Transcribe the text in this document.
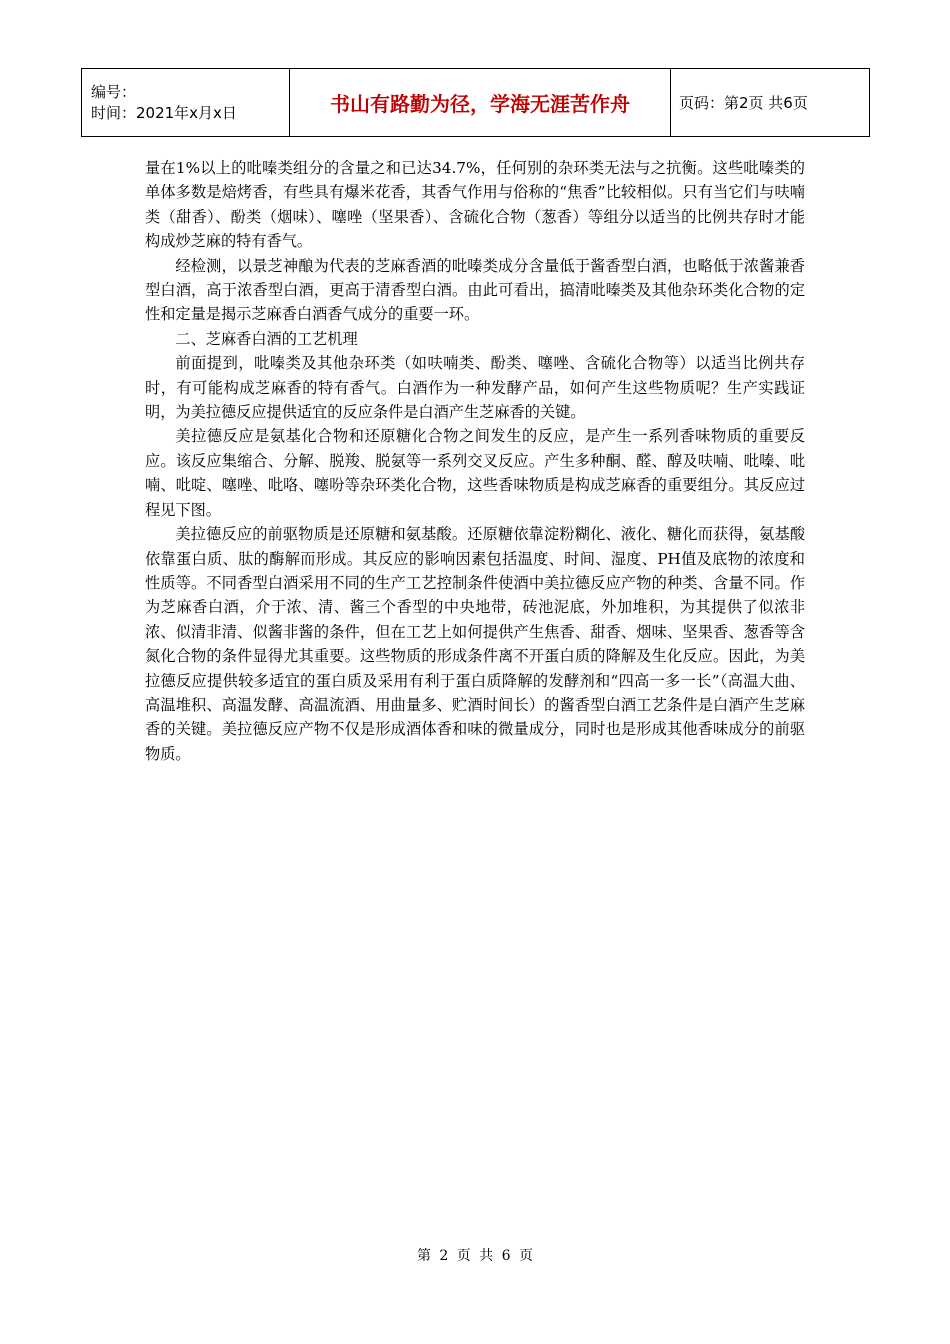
编号：
时间：2021年x月x日	书山有路勤为径，学海无涯苦作舟	页码：第2页 共6页

量在1%以上的吡嗪类组分的含量之和已达34.7%，任何别的杂环类无法与之抗衡。这些吡嗪类的单体多数是焙烤香，有些具有爆米花香，其香气作用与俗称的“焦香”比较相似。只有当它们与呋喃类（甜香）、酚类（烟味）、噻唑（坚果香）、含硫化合物（葱香）等组分以适当的比例共存时才能构成炒芝麻的特有香气。

经检测，以景芝神酿为代表的芝麻香酒的吡嗪类成分含量低于酱香型白酒，也略低于浓酱兼香型白酒，高于浓香型白酒，更高于清香型白酒。由此可看出，搞清吡嗪类及其他杂环类化合物的定性和定量是揭示芝麻香白酒香气成分的重要一环。

二、芝麻香白酒的工艺机理

前面提到，吡嗪类及其他杂环类（如呋喃类、酚类、噻唑、含硫化合物等）以适当比例共存时，有可能构成芝麻香的特有香气。白酒作为一种发酵产品，如何产生这些物质呢？生产实践证明，为美拉德反应提供适宜的反应条件是白酒产生芝麻香的关键。

美拉德反应是氨基化合物和还原糖化合物之间发生的反应，是产生一系列香味物质的重要反应。该反应集缩合、分解、脱羧、脱氨等一系列交叉反应。产生多种酮、醛、醇及呋喃、吡嗪、吡喃、吡啶、噻唑、吡咯、噻吩等杂环类化合物，这些香味物质是构成芝麻香的重要组分。其反应过程见下图。

美拉德反应的前驱物质是还原糖和氨基酸。还原糖依靠淀粉糊化、液化、糖化而获得，氨基酸依靠蛋白质、肽的酶解而形成。其反应的影响因素包括温度、时间、湿度、PH值及底物的浓度和性质等。不同香型白酒采用不同的生产工艺控制条件使酒中美拉德反应产物的种类、含量不同。作为芝麻香白酒，介于浓、清、酱三个香型的中央地带，砖池泥底，外加堆积，为其提供了似浓非浓、似清非清、似酱非酱的条件，但在工艺上如何提供产生焦香、甜香、烟味、坚果香、葱香等含氮化合物的条件显得尤其重要。这些物质的形成条件离不开蛋白质的降解及生化反应。因此，为美拉德反应提供较多适宜的蛋白质及采用有利于蛋白质降解的发酵剂和“四高一多一长”（高温大曲、高温堆积、高温发酵、高温流酒、用曲量多、贮酒时间长）的酱香型白酒工艺条件是白酒产生芝麻香的关键。美拉德反应产物不仅是形成酒体香和味的微量成分，同时也是形成其他香味成分的前驱物质。

第 2 页 共 6 页
